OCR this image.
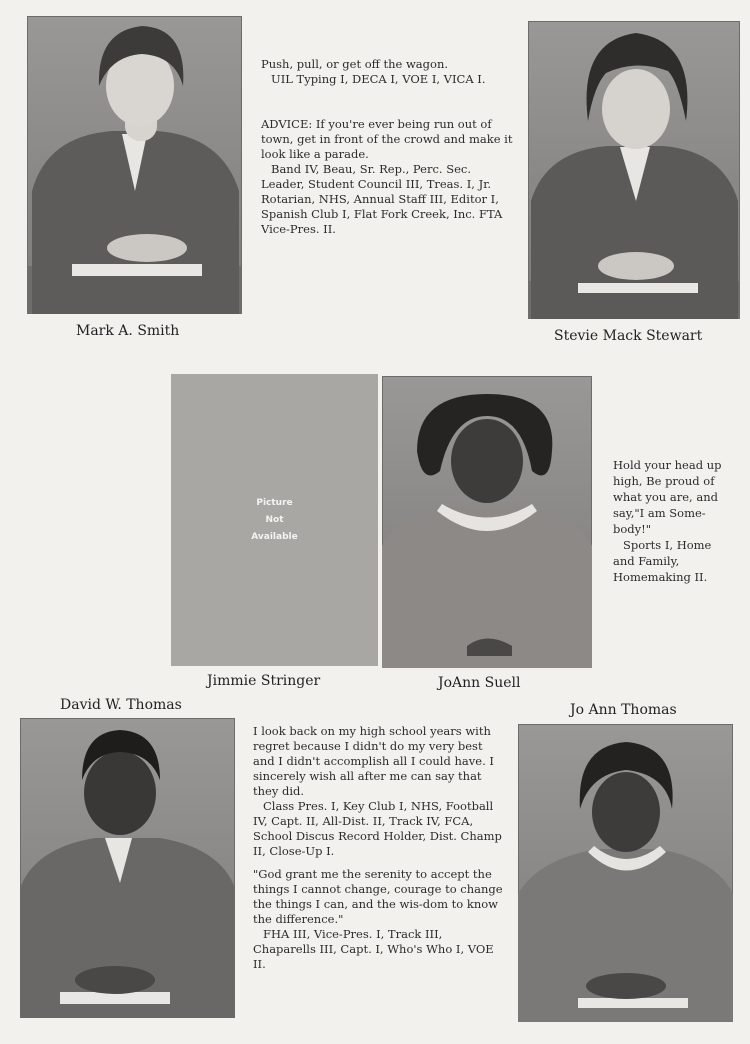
Mark A. Smith

Push, pull, or get off the wagon.

UIL Typing I, DECA I, VOE I, VICA I.

ADVICE: If you're ever being run out of town, get in front of the crowd and make it look like a parade.

Band IV, Beau, Sr. Rep., Perc. Sec. Leader, Student Council III, Treas. I, Jr. Rotarian, NHS, Annual Staff III, Editor I, Spanish Club I, Flat Fork Creek, Inc. FTA Vice-Pres. II.

Stevie Mack Stewart
Picture
Not
Available
Jimmie Stringer	JoAnn Suell

Hold your head up high, Be proud of what you are, and say,"I am Some-body!"

Sports I, Home and Family, Homemaking II.

David W. Thomas

I look back on my high school years with regret because I didn't do my very best and I didn't accomplish all I could have. I sincerely wish all after me can say that they did.

Class Pres. I, Key Club I, NHS, Football IV, Capt. II, All-Dist. II, Track IV, FCA, School Discus Record Holder, Dist. Champ II, Close-Up I.

"God grant me the serenity to accept the things I cannot change, courage to change the things I can, and the wis-dom to know the difference."

FHA III, Vice-Pres. I, Track III, Chaparells III, Capt. I, Who's Who I, VOE II.

Jo Ann Thomas
